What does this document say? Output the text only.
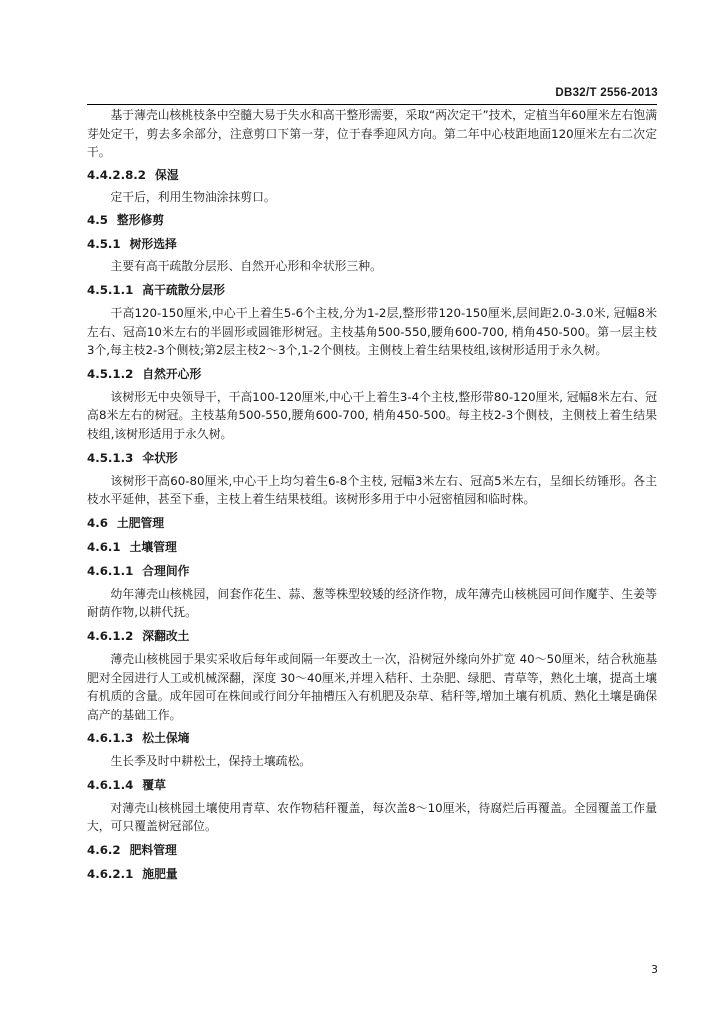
DB32/T 2556-2013

基于薄壳山核桃枝条中空髓大易于失水和高干整形需要，采取“两次定干”技术，定植当年60厘米左右饱满芽处定干，剪去多余部分，注意剪口下第一芽，位于春季迎风方向。第二年中心枝距地面120厘米左右二次定干。

4.4.2.8.2 保湿

定干后，利用生物油涂抹剪口。

4.5 整形修剪
4.5.1 树形选择

主要有高干疏散分层形、自然开心形和伞状形三种。

4.5.1.1 高干疏散分层形

干高120-150厘米,中心干上着生5-6个主枝,分为1-2层,整形带120-150厘米,层间距2.0-3.0米, 冠幅8米左右、冠高10米左右的半圆形或圆锥形树冠。主枝基角500-550,腰角600-700, 梢角450-500。第一层主枝3个,每主枝2-3个侧枝;第2层主枝2～3个,1-2个侧枝。主侧枝上着生结果枝组,该树形适用于永久树。

4.5.1.2 自然开心形

该树形无中央领导干，干高100-120厘米,中心干上着生3-4个主枝,整形带80-120厘米, 冠幅8米左右、冠高8米左右的树冠。主枝基角500-550,腰角600-700, 梢角450-500。每主枝2-3个侧枝，主侧枝上着生结果枝组,该树形适用于永久树。

4.5.1.3 伞状形

该树形干高60-80厘米,中心干上均匀着生6-8个主枝, 冠幅3米左右、冠高5米左右，呈细长纺锤形。各主枝水平延伸，甚至下垂，主枝上着生结果枝组。该树形多用于中小冠密植园和临时株。

4.6 土肥管理
4.6.1 土壤管理
4.6.1.1 合理间作

幼年薄壳山核桃园，间套作花生、蒜、葱等株型较矮的经济作物，成年薄壳山核桃园可间作魔芋、生姜等耐荫作物,以耕代抚。

4.6.1.2 深翻改土

薄壳山核桃园于果实采收后每年或间隔一年要改土一次，沿树冠外缘向外扩宽 40～50厘米，结合秋施基肥对全园进行人工或机械深翻，深度 30～40厘米,并埋入秸秆、土杂肥、绿肥、青草等，熟化土壤，提高土壤有机质的含量。成年园可在株间或行间分年抽槽压入有机肥及杂草、秸秆等,增加土壤有机质、熟化土壤是确保高产的基础工作。

4.6.1.3 松土保墒

生长季及时中耕松土，保持土壤疏松。

4.6.1.4 覆草

对薄壳山核桃园土壤使用青草、农作物秸秆覆盖，每次盖8～10厘米，待腐烂后再覆盖。全园覆盖工作量大，可只覆盖树冠部位。

4.6.2 肥料管理
4.6.2.1 施肥量
3
